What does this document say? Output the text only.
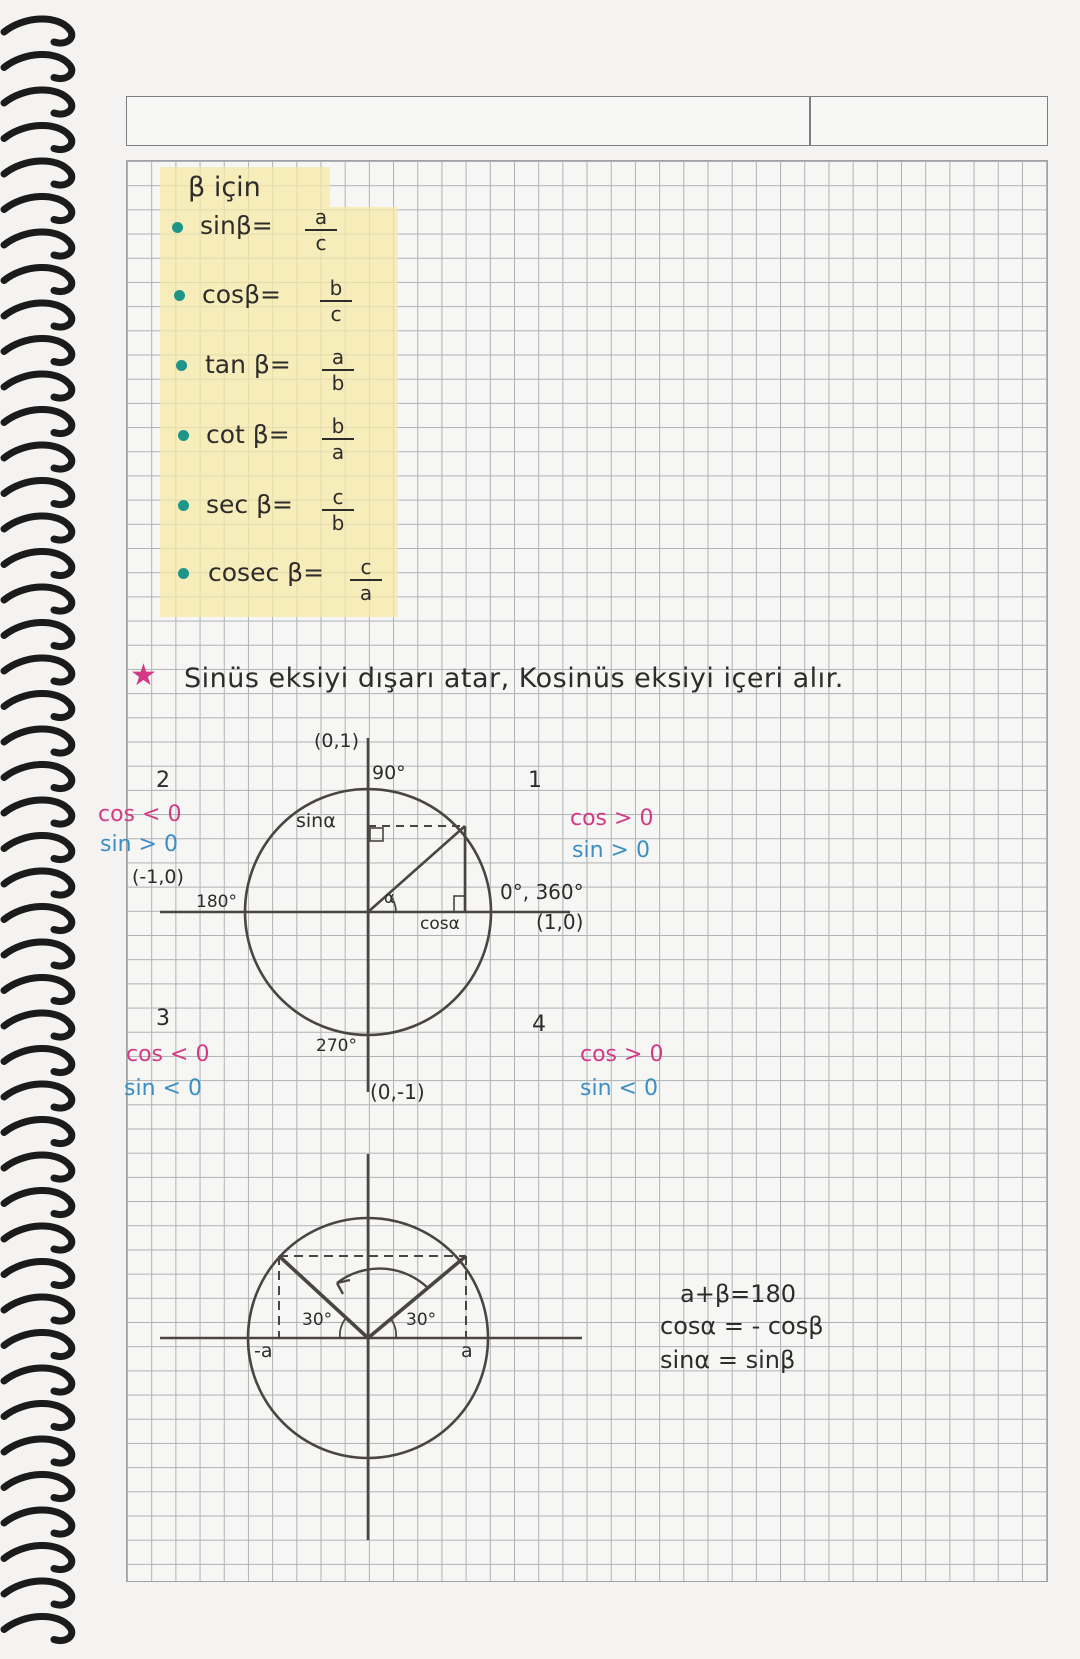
β için
sinβ= a
c
cosβ= b
c
tan β= a
b
cot β= b
a
sec β= c
b
cosec β= c
a
★ Sinüs eksiyi dışarı atar, Kosinüs eksiyi içeri alır.
(0,1)
90°
sinα
α	0°, 360°
(1,0)
cosα
(-1,0)
180°
270°
(0,-1)
1
cos > 0
sin > 0
2
cos < 0
sin > 0
3
cos < 0
sin < 0
4
cos > 0
sin < 0
30°	30°
-a	a
a+β=180
cosα = - cosβ
sinα = sinβ
